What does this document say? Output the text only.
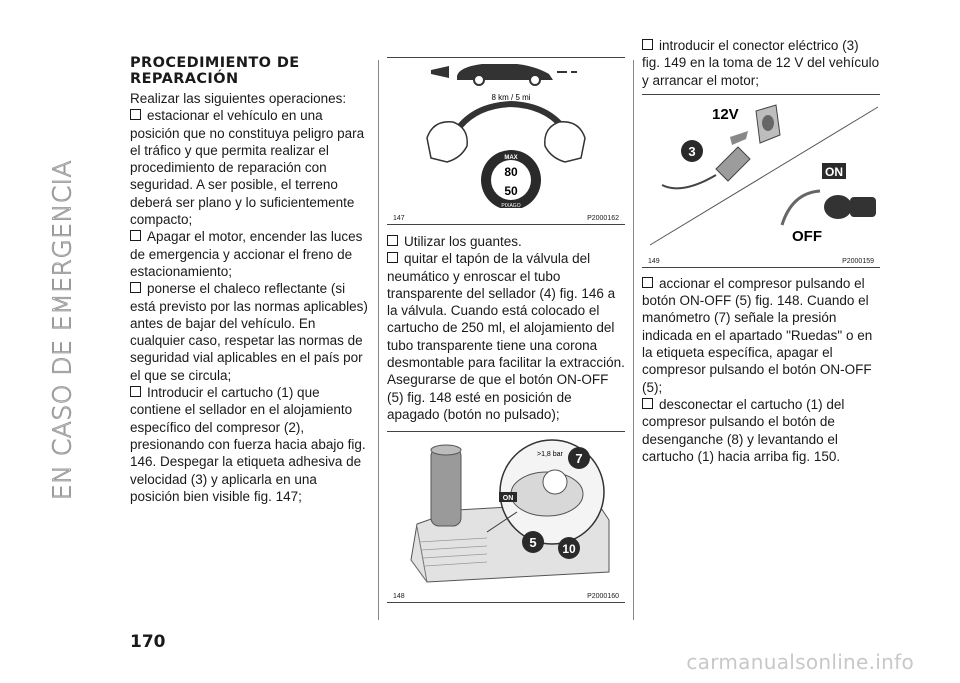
EN CASO DE EMERGENCIA
170
PROCEDIMIENTO DE REPARACIÓN

Realizar las siguientes operaciones:

estacionar el vehículo en una posición que no constituya peligro para el tráfico y que permita realizar el procedimiento de reparación con seguridad. A ser posible, el terreno deberá ser plano y lo suficientemente compacto;

Apagar el motor, encender las luces de emergencia y accionar el freno de estacionamiento;

ponerse el chaleco reflectante (si está previsto por las normas aplicables) antes de bajar del vehículo. En cualquier caso, respetar las normas de seguridad vial aplicables en el país por el que se circula;

Introducir el cartucho (1) que contiene el sellador en el alojamiento específico del compresor (2), presionando con fuerza hacia abajo fig. 146. Despegar la etiqueta adhesiva de velocidad (3) y aplicarla en una posición bien visible fig. 147;

8 km / 5 mi
MAX
80
50
PIXAGO
147	P2000162

Utilizar los guantes.

quitar el tapón de la válvula del neumático y enroscar el tubo transparente del sellador (4) fig. 146 a la válvula. Cuando está colocado el cartucho de 250 ml, el alojamiento del tubo transparente tiene una corona desmontable para facilitar la extracción. Asegurarse de que el botón ON-OFF (5) fig. 148 esté en posición de apagado (botón no pulsado);

>1,8 bar
ON
7
5 10
148	P2000160

introducir el conector eléctrico (3) fig. 149 en la toma de 12 V del vehículo y arrancar el motor;

12V
3
ON
OFF
149	P2000159

accionar el compresor pulsando el botón ON-OFF (5) fig. 148. Cuando el manómetro (7) señale la presión indicada en el apartado "Ruedas" o en la etiqueta específica, apagar el compresor pulsando el botón ON-OFF (5);

desconectar el cartucho (1) del compresor pulsando el botón de desenganche (8) y levantando el cartucho (1) hacia arriba fig. 150.

carmanualsonline.info
